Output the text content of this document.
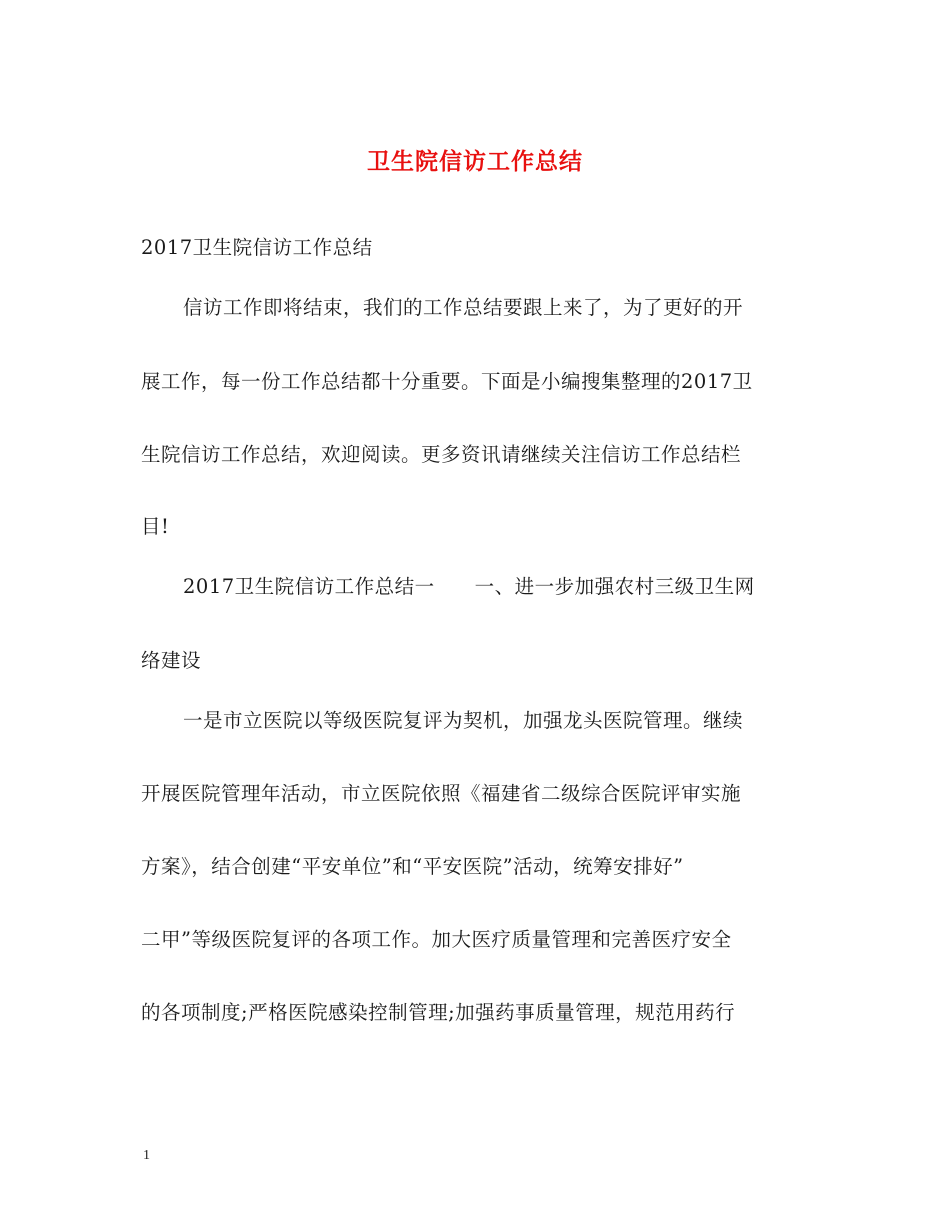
卫生院信访工作总结
2017卫生院信访工作总结
信访工作即将结束，我们的工作总结要跟上来了，为了更好的开
展工作，每一份工作总结都十分重要。下面是小编搜集整理的2017卫
生院信访工作总结，欢迎阅读。更多资讯请继续关注信访工作总结栏
目!
2017卫生院信访工作总结一　　一、进一步加强农村三级卫生网
络建设
一是市立医院以等级医院复评为契机，加强龙头医院管理。继续
开展医院管理年活动，市立医院依照《福建省二级综合医院评审实施
方案》，结合创建“平安单位”和“平安医院”活动，统筹安排好”
二甲”等级医院复评的各项工作。加大医疗质量管理和完善医疗安全
的各项制度;严格医院感染控制管理;加强药事质量管理，规范用药行
1
